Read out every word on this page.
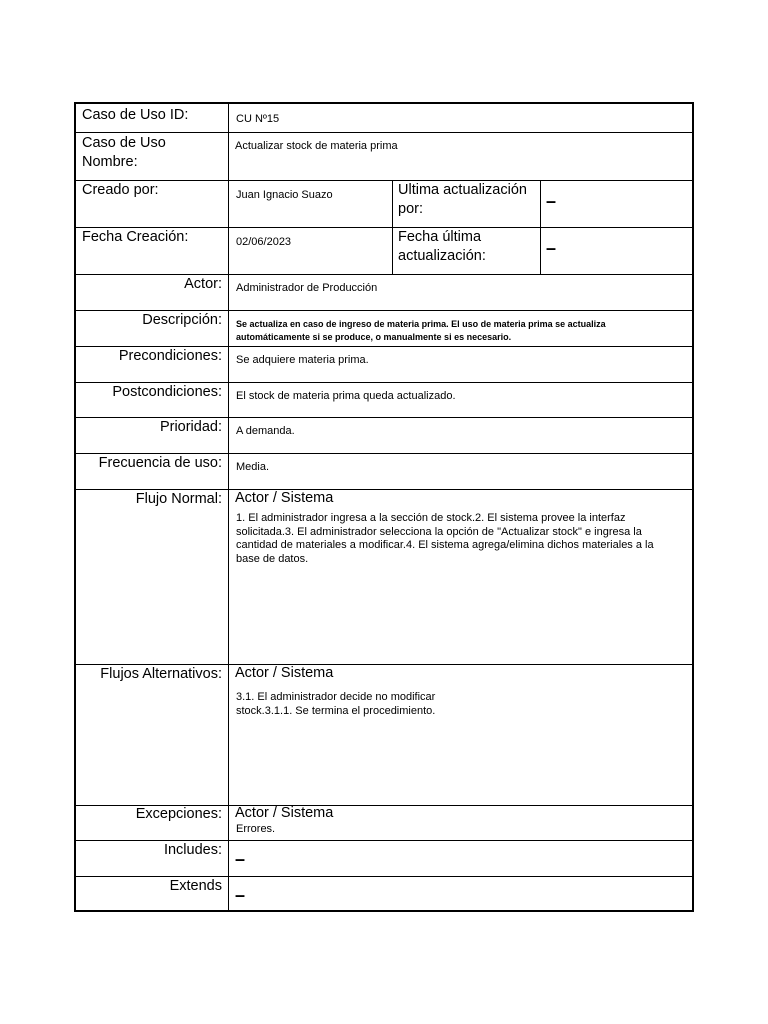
Caso de Uso ID:	CU Nº15
Caso de Uso Nombre:
Actualizar stock de materia prima
Creado por:	Juan Ignacio Suazo	Ultima actualización por:	–
Fecha Creación:	02/06/2023	Fecha última actualización:	–
Actor: Administrador de Producción
Descripción: Se actualiza en caso de ingreso de materia prima. El uso de materia prima se actualiza automáticamente si se produce, o manualmente si es necesario.
Precondiciones: Se adquiere materia prima.
Postcondiciones: El stock de materia prima queda actualizado.
Prioridad: A demanda.
Frecuencia de uso: Media.
Flujo Normal: Actor / Sistema
1. El administrador ingresa a la sección de stock.2. El sistema provee la interfaz solicitada.3. El administrador selecciona la opción de "Actualizar stock" e ingresa la cantidad de materiales a modificar.4. El sistema agrega/elimina dichos materiales a la base de datos.
Flujos Alternativos: Actor / Sistema
3.1. El administrador decide no modificar stock.3.1.1. Se termina el procedimiento.
Excepciones: Actor / Sistema
Errores.
Includes: –
Extends –
